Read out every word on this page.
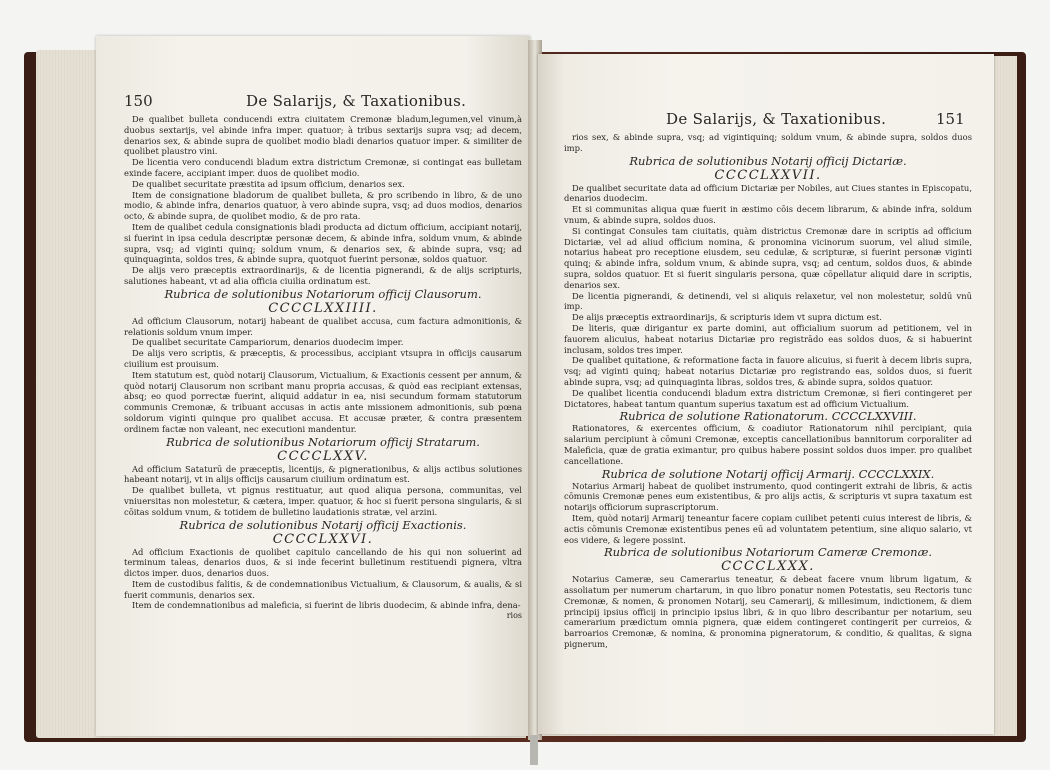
150	De Salarijs, & Taxationibus.

De qualibet bulleta conducendi extra ciuitatem Cremonæ bladum,legumen,vel vinum,à duobus sextarijs, vel abinde infra imper. quatuor; à tribus sextarijs supra vsq; ad decem, denarios sex, & abinde supra de quolibet modio bladi denarios quatuor imper. & similiter de quolibet plaustro vini.

De licentia vero conducendi bladum extra districtum Cremonæ, si contingat eas bulletam exinde facere, accipiant imper. duos de quolibet modio.

De qualibet securitate præstita ad ipsum officium, denarios sex.

Item de consignatione bladorum de qualibet bulleta, & pro scribendo in libro, & de uno modio, & abinde infra, denarios quatuor, à vero abinde supra, vsq; ad duos modios, denarios octo, & abinde supra, de quolibet modio, & de pro rata.

Item de qualibet cedula consignationis bladi producta ad dictum officium, accipiant notarij, si fuerint in ipsa cedula descriptæ personæ decem, & abinde infra, soldum vnum, & abinde supra, vsq; ad viginti quinq; soldum vnum, & denarios sex, & abinde supra, vsq; ad quinquaginta, soldos tres, & abinde supra, quotquot fuerint personæ, soldos quatuor.

De alijs vero præceptis extraordinarijs, & de licentia pignerandi, & de alijs scripturis, salutiones habeant, vt ad alia officia ciuilia ordinatum est.

Rubrica de solutionibus Notariorum officij Clausorum.

CCCCLXXIIII.

Ad officium Clausorum, notarij habeant de qualibet accusa, cum factura admonitionis, & relationis soldum vnum imper.

De qualibet securitate Campariorum, denarios duodecim imper.

De alijs vero scriptis, & præceptis, & processibus, accipiant vtsupra in officijs causarum ciuilium est prouisum.

Item statutum est, quòd notarij Clausorum, Victualium, & Exactionis cessent per annum, & quòd notarij Clausorum non scribant manu propria accusas, & quòd eas recipiant extensas, absq; eo quod porrectæ fuerint, aliquid addatur in ea, nisi secundum formam statutorum communis Cremonæ, & tribuant accusas in actis ante missionem admonitionis, sub pœna soldorum viginti quinque pro qualibet accusa. Et accusæ præter, & contra præsentem ordinem factæ non valeant, nec executioni mandentur.

Rubrica de solutionibus Notariorum officij Stratarum.

CCCCLXXV.

Ad officium Sataturū de præceptis, licentijs, & pignerationibus, & alijs actibus solutiones habeant notarij, vt in alijs officijs causarum ciuilium ordinatum est.

De qualibet bulleta, vt pignus restituatur, aut quod aliqua persona, communitas, vel vniuersitas non molestetur, & cætera, imper. quatuor, & hoc si fuerit persona singularis, & si cōitas soldum vnum, & totidem de bulletino laudationis stratæ, vel arzini.

Rubrica de solutionibus Notarij officij Exactionis.

CCCCLXXVI.

Ad officium Exactionis de quolibet capitulo cancellando de his qui non soluerint ad terminum taleas, denarios duos, & si inde fecerint bulletinum restituendi pignera, vltra dictos imper. duos, denarios duos.

Item de custodibus falitis, & de condemnationibus Victualium, & Clausorum, & aualis, & si fuerit communis, denarios sex.

Item de condemnationibus ad maleficia, si fuerint de libris duodecim, & abinde infra, dena-

rios

De Salarijs, & Taxationibus.	151

rios sex, & abinde supra, vsq; ad vigintiquinq; soldum vnum, & abinde supra, soldos duos imp.

Rubrica de solutionibus Notarij officij Dictariæ.

CCCCLXXVII.

De qualibet securitate data ad officium Dictariæ per Nobiles, aut Ciues stantes in Episcopatu, denarios duodecim.

Et si communitas aliqua quæ fuerit in æstimo cōis decem librarum, & abinde infra, soldum vnum, & abinde supra, soldos duos.

Si contingat Consules tam ciuitatis, quàm districtus Cremonæ dare in scriptis ad officium Dictariæ, vel ad aliud officium nomina, & pronomina vicinorum suorum, vel aliud simile, notarius habeat pro receptione eiusdem, seu cedulæ, & scripturæ, si fuerint personæ viginti quinq; & abinde infra, soldum vnum, & abinde supra, vsq; ad centum, soldos duos, & abinde supra, soldos quatuor. Et si fuerit singularis persona, quæ cōpellatur aliquid dare in scriptis, denarios sex.

De licentia pignerandi, & detinendi, vel si aliquis relaxetur, vel non molestetur, soldū vnū imp.

De alijs præceptis extraordinarijs, & scripturis idem vt supra dictum est.

De literis, quæ dirigantur ex parte domini, aut officialium suorum ad petitionem, vel in fauorem alicuius, habeat notarius Dictariæ pro registrādo eas soldos duos, & si habuerint inclusam, soldos tres imper.

De qualibet quitatione, & reformatione facta in fauore alicuius, si fuerit à decem libris supra, vsq; ad viginti quinq; habeat notarius Dictariæ pro registrando eas, soldos duos, si fuerit abinde supra, vsq; ad quinquaginta libras, soldos tres, & abinde supra, soldos quatuor.

De qualibet licentia conducendi bladum extra districtum Cremonæ, si fieri contingeret per Dictatores, habeat tantum quantum superius taxatum est ad officium Victualium.

Rubrica de solutione Rationatorum. CCCCLXXVIII.

Rationatores, & exercentes officium, & coadiutor Rationatorum nihil percipiant, quia salarium percipiunt à cōmuni Cremonæ, exceptis cancellationibus bannitorum corporaliter ad Maleficia, quæ de gratia eximantur, pro quibus habere possint soldos duos imper. pro qualibet cancellatione.

Rubrica de solutione Notarij officij Armarij. CCCCLXXIX.

Notarius Armarij habeat de quolibet instrumento, quod contingerit extrahi de libris, & actis cōmunis Cremonæ penes eum existentibus, & pro alijs actis, & scripturis vt supra taxatum est notarijs officiorum suprascriptorum.

Item, quòd notarij Armarij teneantur facere copiam cuilibet petenti cuius interest de libris, & actis cōmunis Cremonæ existentibus penes eū ad voluntatem petentium, sine aliquo salario, vt eos videre, & legere possint.

Rubrica de solutionibus Notariorum Cameræ Cremonæ.

CCCCLXXX.

Notarius Cameræ, seu Camerarius teneatur, & debeat facere vnum librum ligatum, & assoliatum per numerum chartarum, in quo libro ponatur nomen Potestatis, seu Rectoris tunc Cremonæ, & nomen, & pronomen Notarij, seu Camerarij, & millesimum, indictionem, & diem principij ipsius officij in principio ipsius libri, & in quo libro describantur per notarium, seu camerarium prædictum omnia pignera, quæ eidem contingeret contingerit per curreios, & barroarios Cremonæ, & nomina, & pronomina pigneratorum, & conditio, & qualitas, & signa pignerum,
